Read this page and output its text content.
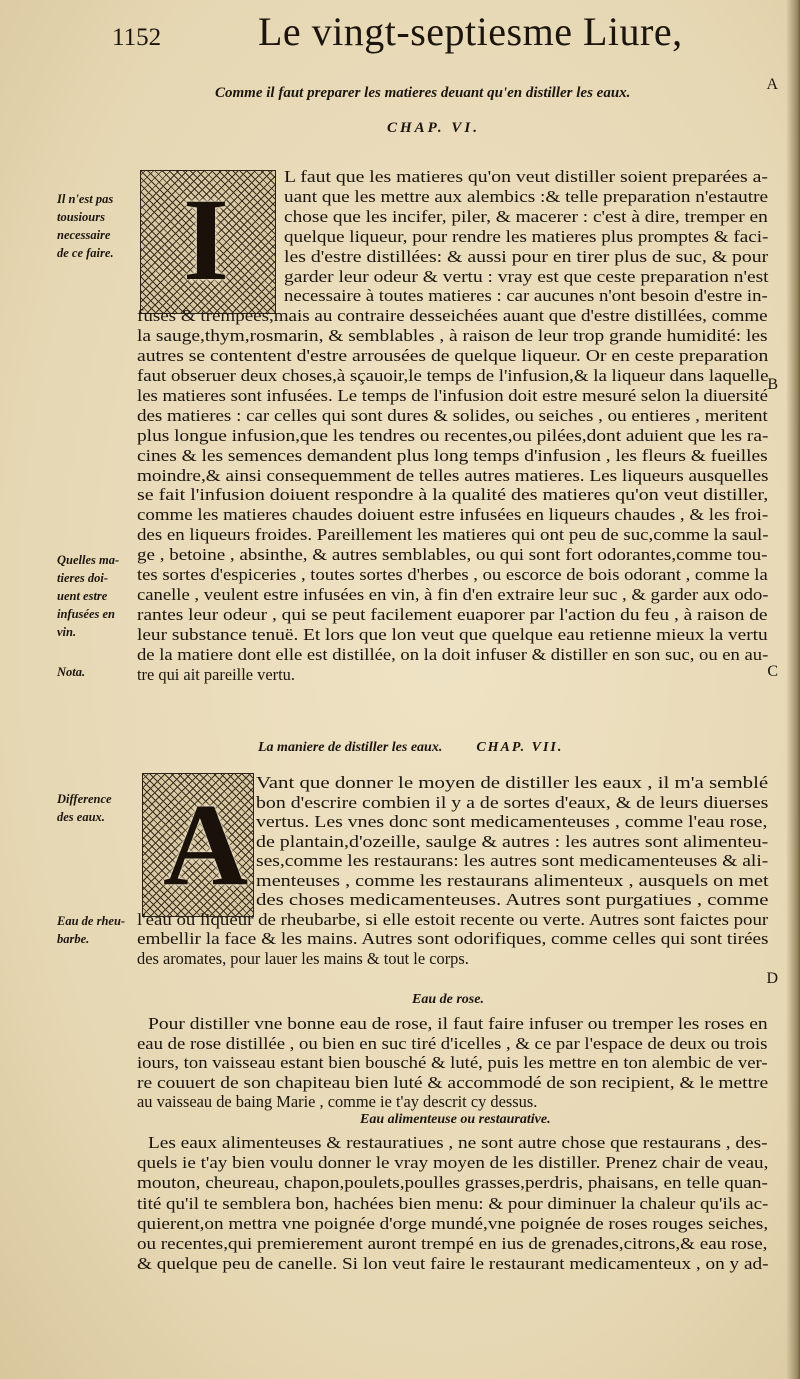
1152 Le vingt-septiesme Liure,
Comme il faut preparer les matieres deuant qu'en distiller les eaux.
CHAP. VI.
I	L faut que les matieres qu'on veut distiller soient preparées a-
uant que les mettre aux alembics :& telle preparation n'estautre
chose que les incifer, piler, & macerer : c'est à dire, tremper en
quelque liqueur, pour rendre les matieres plus promptes & faci-
les d'estre distillées: & aussi pour en tirer plus de suc, & pour
garder leur odeur & vertu : vray est que ceste preparation n'est
necessaire à toutes matieres : car aucunes n'ont besoin d'estre in-
fuses & trempees,mais au contraire desseichées auant que d'estre distillées, comme
la sauge,thym,rosmarin, & semblables , à raison de leur trop grande humidité: les
autres se contentent d'estre arrousées de quelque liqueur. Or en ceste preparation
faut obseruer deux choses,à sçauoir,le temps de l'infusion,& la liqueur dans laquelle
les matieres sont infusées. Le temps de l'infusion doit estre mesuré selon la diuersité
des matieres : car celles qui sont dures & solides, ou seiches , ou entieres , meritent
plus longue infusion,que les tendres ou recentes,ou pilées,dont aduient que les ra-
cines & les semences demandent plus long temps d'infusion , les fleurs & fueilles
moindre,& ainsi consequemment de telles autres matieres. Les liqueurs ausquelles
se fait l'infusion doiuent respondre à la qualité des matieres qu'on veut distiller,
comme les matieres chaudes doiuent estre infusées en liqueurs chaudes , & les froi-
des en liqueurs froides. Pareillement les matieres qui ont peu de suc,comme la saul-
ge , betoine , absinthe, & autres semblables, ou qui sont fort odorantes,comme tou-
tes sortes d'espiceries , toutes sortes d'herbes , ou escorce de bois odorant , comme la
canelle , veulent estre infusées en vin, à fin d'en extraire leur suc , & garder aux odo-
rantes leur odeur , qui se peut facilement euaporer par l'action du feu , à raison de
leur substance tenuë. Et lors que lon veut que quelque eau retienne mieux la vertu
de la matiere dont elle est distillée, on la doit infuser & distiller en son suc, ou en au-
tre qui ait pareille vertu.
La maniere de distiller les eaux. CHAP. VII.
A Vant que donner le moyen de distiller les eaux , il m'a semblé
bon d'escrire combien il y a de sortes d'eaux, & de leurs diuerses
vertus. Les vnes donc sont medicamenteuses , comme l'eau rose,
de plantain,d'ozeille, saulge & autres : les autres sont alimenteu-
ses,comme les restaurans: les autres sont medicamenteuses & ali-
menteuses , comme les restaurans alimenteux , ausquels on met
des choses medicamenteuses. Autres sont purgatiues , comme
l'eau ou liqueur de rheubarbe, si elle estoit recente ou verte. Autres sont faictes pour
embellir la face & les mains. Autres sont odorifiques, comme celles qui sont tirées
des aromates, pour lauer les mains & tout le corps.
Eau de rose.
Pour distiller vne bonne eau de rose, il faut faire infuser ou tremper les roses en
eau de rose distillée , ou bien en suc tiré d'icelles , & ce par l'espace de deux ou trois
iours, ton vaisseau estant bien bousché & luté, puis les mettre en ton alembic de ver-
re couuert de son chapiteau bien luté & accommodé de son recipient, & le mettre
au vaisseau de baing Marie , comme ie t'ay descrit cy dessus.
Eau alimenteuse ou restaurative.
Les eaux alimenteuses & restauratiues , ne sont autre chose que restaurans , des-
quels ie t'ay bien voulu donner le vray moyen de les distiller. Prenez chair de veau,
mouton, cheureau, chapon,poulets,poulles grasses,perdris, phaisans, en telle quan-
tité qu'il te semblera bon, hachées bien menu: & pour diminuer la chaleur qu'ils ac-
quierent,on mettra vne poignée d'orge mundé,vne poignée de roses rouges seiches,
ou recentes,qui premierement auront trempé en ius de grenades,citrons,& eau rose,
& quelque peu de canelle. Si lon veut faire le restaurant medicamenteux , on y ad-
Il n'est pas
tousiours
necessaire
de ce faire.
Quelles ma-
tieres doi-
uent estre
infusées en
vin.
Nota.
Difference
des eaux.
Eau de rheu-
barbe.
A
B
C
D
